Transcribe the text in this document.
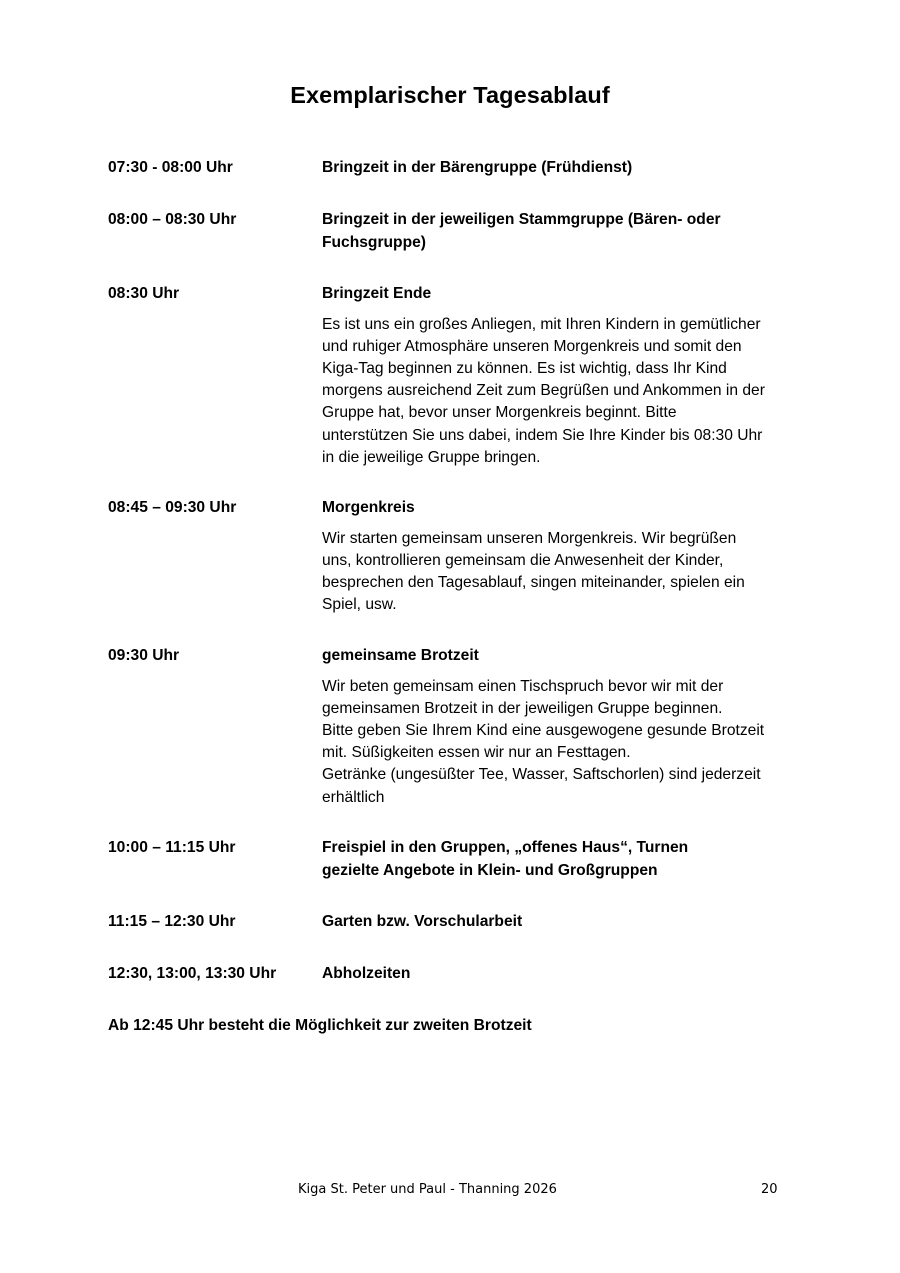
Exemplarischer Tagesablauf
07:30 - 08:00 Uhr	Bringzeit in der Bärengruppe (Frühdienst)
08:00 – 08:30 Uhr	Bringzeit in der jeweiligen Stammgruppe (Bären- oder
Fuchsgruppe)
08:30 Uhr	Bringzeit Ende
Es ist uns ein großes Anliegen, mit Ihren Kindern in gemütlicher
und ruhiger Atmosphäre unseren Morgenkreis und somit den
Kiga-Tag beginnen zu können. Es ist wichtig, dass Ihr Kind
morgens ausreichend Zeit zum Begrüßen und Ankommen in der
Gruppe hat, bevor unser Morgenkreis beginnt. Bitte
unterstützen Sie uns dabei, indem Sie Ihre Kinder bis 08:30 Uhr
in die jeweilige Gruppe bringen.
08:45 – 09:30 Uhr	Morgenkreis
Wir starten gemeinsam unseren Morgenkreis. Wir begrüßen
uns, kontrollieren gemeinsam die Anwesenheit der Kinder,
besprechen den Tagesablauf, singen miteinander, spielen ein
Spiel, usw.
09:30 Uhr	gemeinsame Brotzeit
Wir beten gemeinsam einen Tischspruch bevor wir mit der
gemeinsamen Brotzeit in der jeweiligen Gruppe beginnen.
Bitte geben Sie Ihrem Kind eine ausgewogene gesunde Brotzeit
mit. Süßigkeiten essen wir nur an Festtagen.
Getränke (ungesüßter Tee, Wasser, Saftschorlen) sind jederzeit
erhältlich
10:00 – 11:15 Uhr	Freispiel in den Gruppen, „offenes Haus“, Turnen
gezielte Angebote in Klein- und Großgruppen
11:15 – 12:30 Uhr	Garten bzw. Vorschularbeit
12:30, 13:00, 13:30 Uhr	Abholzeiten
Ab 12:45 Uhr besteht die Möglichkeit zur zweiten Brotzeit
Kiga St. Peter und Paul - Thanning 2026	20
